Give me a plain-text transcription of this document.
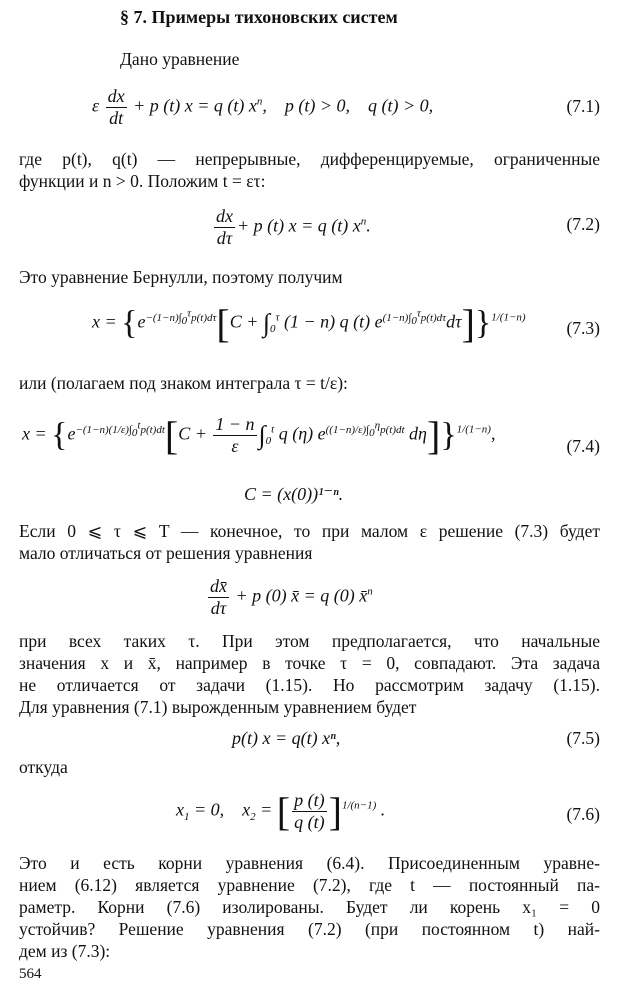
§ 7. Примеры тихоновских систем
Дано уравнение
ε $\frac{dx}{dt} + p$ (t) x = q (t) $x^n$,    p (t) > 0,    q (t) > 0,	(7.1)
где p(t), q(t) — непрерывные, дифференцируемые, ограниченные
функции и n > 0. Положим t = ετ:
$\frac{dx}{d\tau} + p$ (t) x = q (t) $x^n$.	(7.2)
Это уравнение Бернулли, поэтому получим
$x = \{e^{-(1-n)\int_0^\tau p(t)d\tau}[C + \int_0^\tau$ (1 − n) q (t) $e^{(1-n)\int_0^\tau p(t)d\tau}d\tau]\}^{1/(1-n)}$
(7.3)
или (полагаем под знаком интеграла τ = t/ε):
$x = \{e^{-(1-n)(1/\varepsilon)\int_0^tp(t)dt}[C + \frac{1 - n}{\varepsilon} \int_0^t$ q (η) $e^{((1-n)/\varepsilon)\int_0^\eta p(t)dt}$ dη]}$^{1/(1-n)}$,
(7.4)
C = (x(0))¹⁻ⁿ.
Если 0 ⩽ τ ⩽ T — конечное, то при малом ε решение (7.3) будет
мало отличаться от решения уравнения
$\frac{dx̄}{d\tau} + p$ (0) x̄ = q (0) x̄$^n$
при всех таких τ. При этом предполагается, что начальные
значения x и x̄, например в точке τ = 0, совпадают. Эта задача
не отличается от задачи (1.15). Но рассмотрим задачу (1.15).
Для уравнения (7.1) вырожденным уравнением будет
p(t) x = q(t) xⁿ,	(7.5)
откуда
$x_1 = 0$,    $x_2$ = [ $\frac{p (t)}{q (t)} ]^{1/(n-1)}$ .	(7.6)
Это и есть корни уравнения (6.4). Присоединенным уравне-
нием (6.12) является уравнение (7.2), где t — постоянный па-
раметр. Корни (7.6) изолированы. Будет ли корень x₁ = 0
устойчив? Решение уравнения (7.2) (при постоянном t) най-
дем из (7.3):
564
